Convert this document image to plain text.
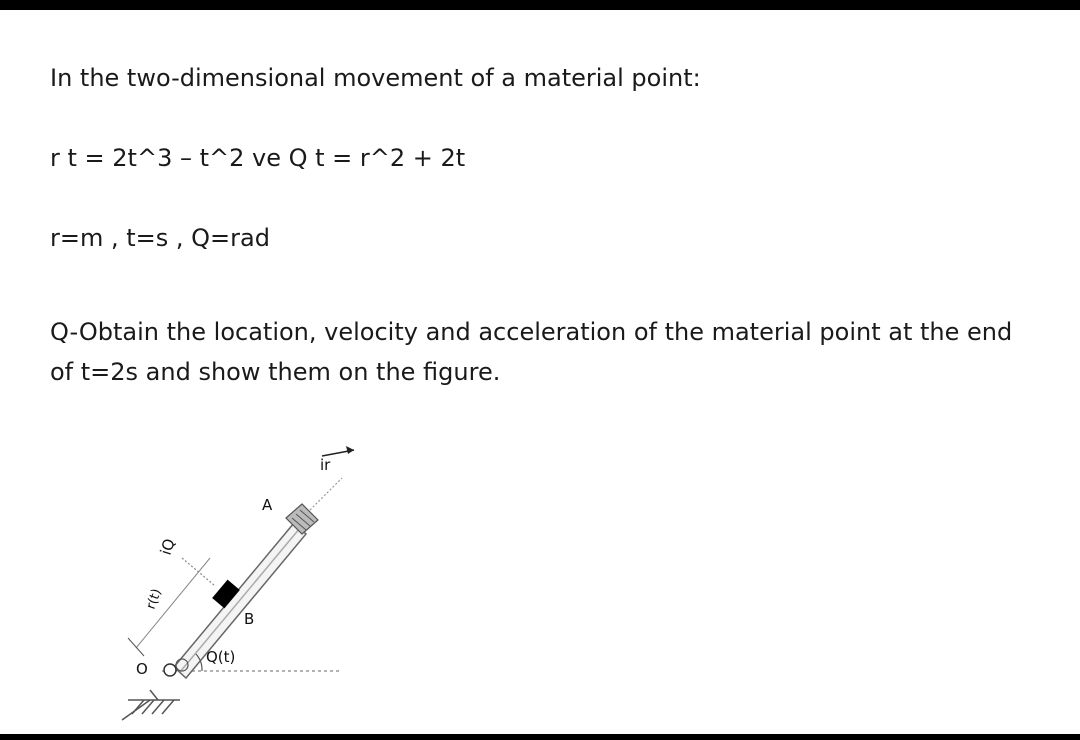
In the two-dimensional movement of a material point:

r t = 2t^3 – t^2 ve Q t = r^2 + 2t

r=m , t=s , Q=rad

Q-Obtain the location, velocity and acceleration of the material point at the end

of t=2s and show them on the figure.

ir
iQ
A
B
O
r(t)
Q(t)
